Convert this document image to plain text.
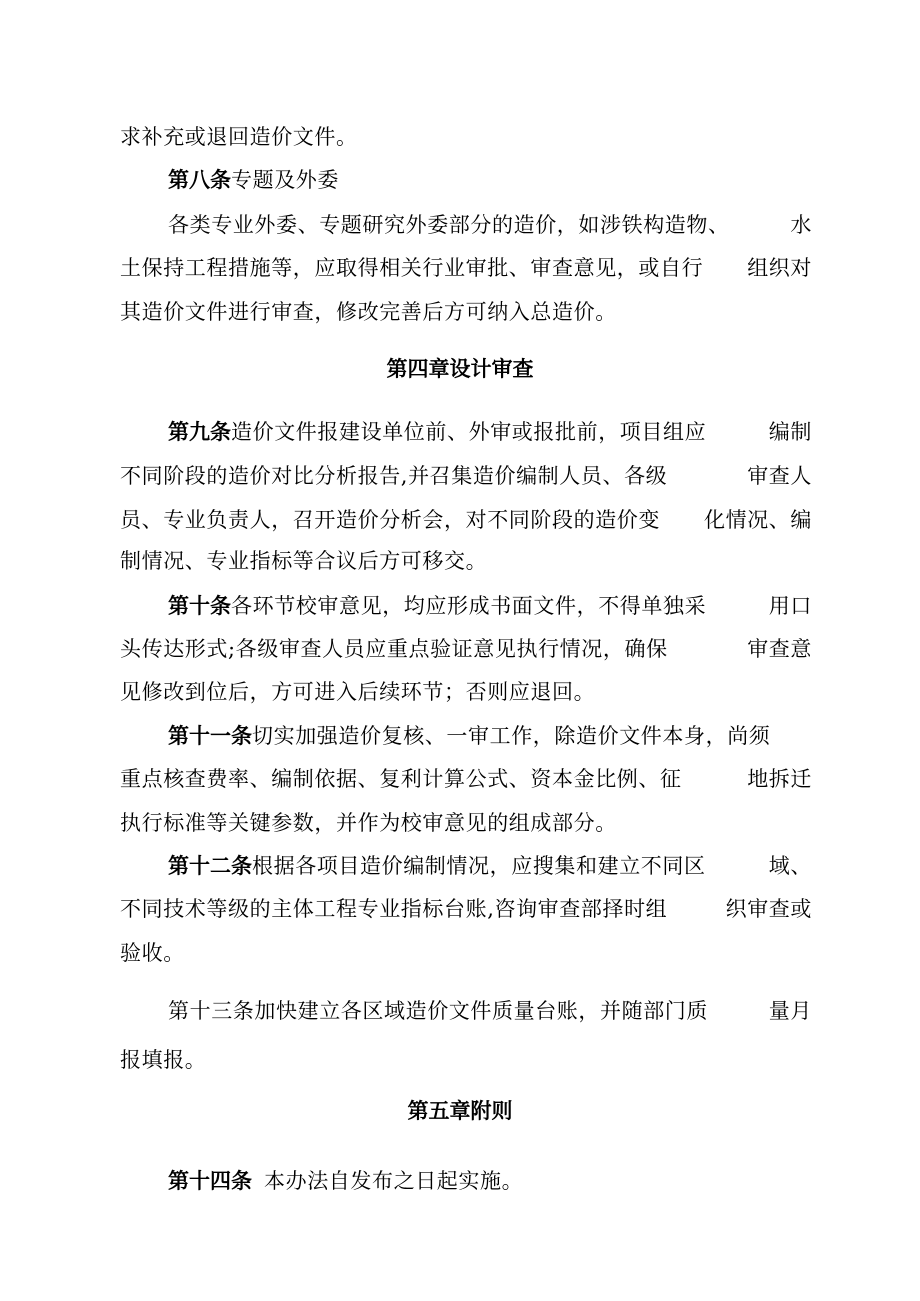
求补充或退回造价文件。
第八条专题及外委
各类专业外委、专题研究外委部分的造价，如涉铁构造物、	水
土保持工程措施等，应取得相关行业审批、审查意见，或自行 组织对
其造价文件进行审查，修改完善后方可纳入总造价。
第四章设计审查
第九条造价文件报建设单位前、外审或报批前，项目组应	编制
不同阶段的造价对比分析报告,并召集造价编制人员、各级	审查人
员、专业负责人，召开造价分析会，对不同阶段的造价变 化情况、编
制情况、专业指标等合议后方可移交。
第十条各环节校审意见，均应形成书面文件，不得单独采	用口
头传达形式;各级审查人员应重点验证意见执行情况，确保	审查意
见修改到位后，方可进入后续环节；否则应退回。
第十一条切实加强造价复核、一审工作，除造价文件本身，尚须
重点核查费率、编制依据、复利计算公式、资本金比例、征	地拆迁
执行标准等关键参数，并作为校审意见的组成部分。
第十二条根据各项目造价编制情况，应搜集和建立不同区	域、
不同技术等级的主体工程专业指标台账,咨询审查部择时组	织审查或
验收。
第十三条加快建立各区域造价文件质量台账，并随部门质	量月
报填报。
第五章附则
第十四条 本办法自发布之日起实施。
